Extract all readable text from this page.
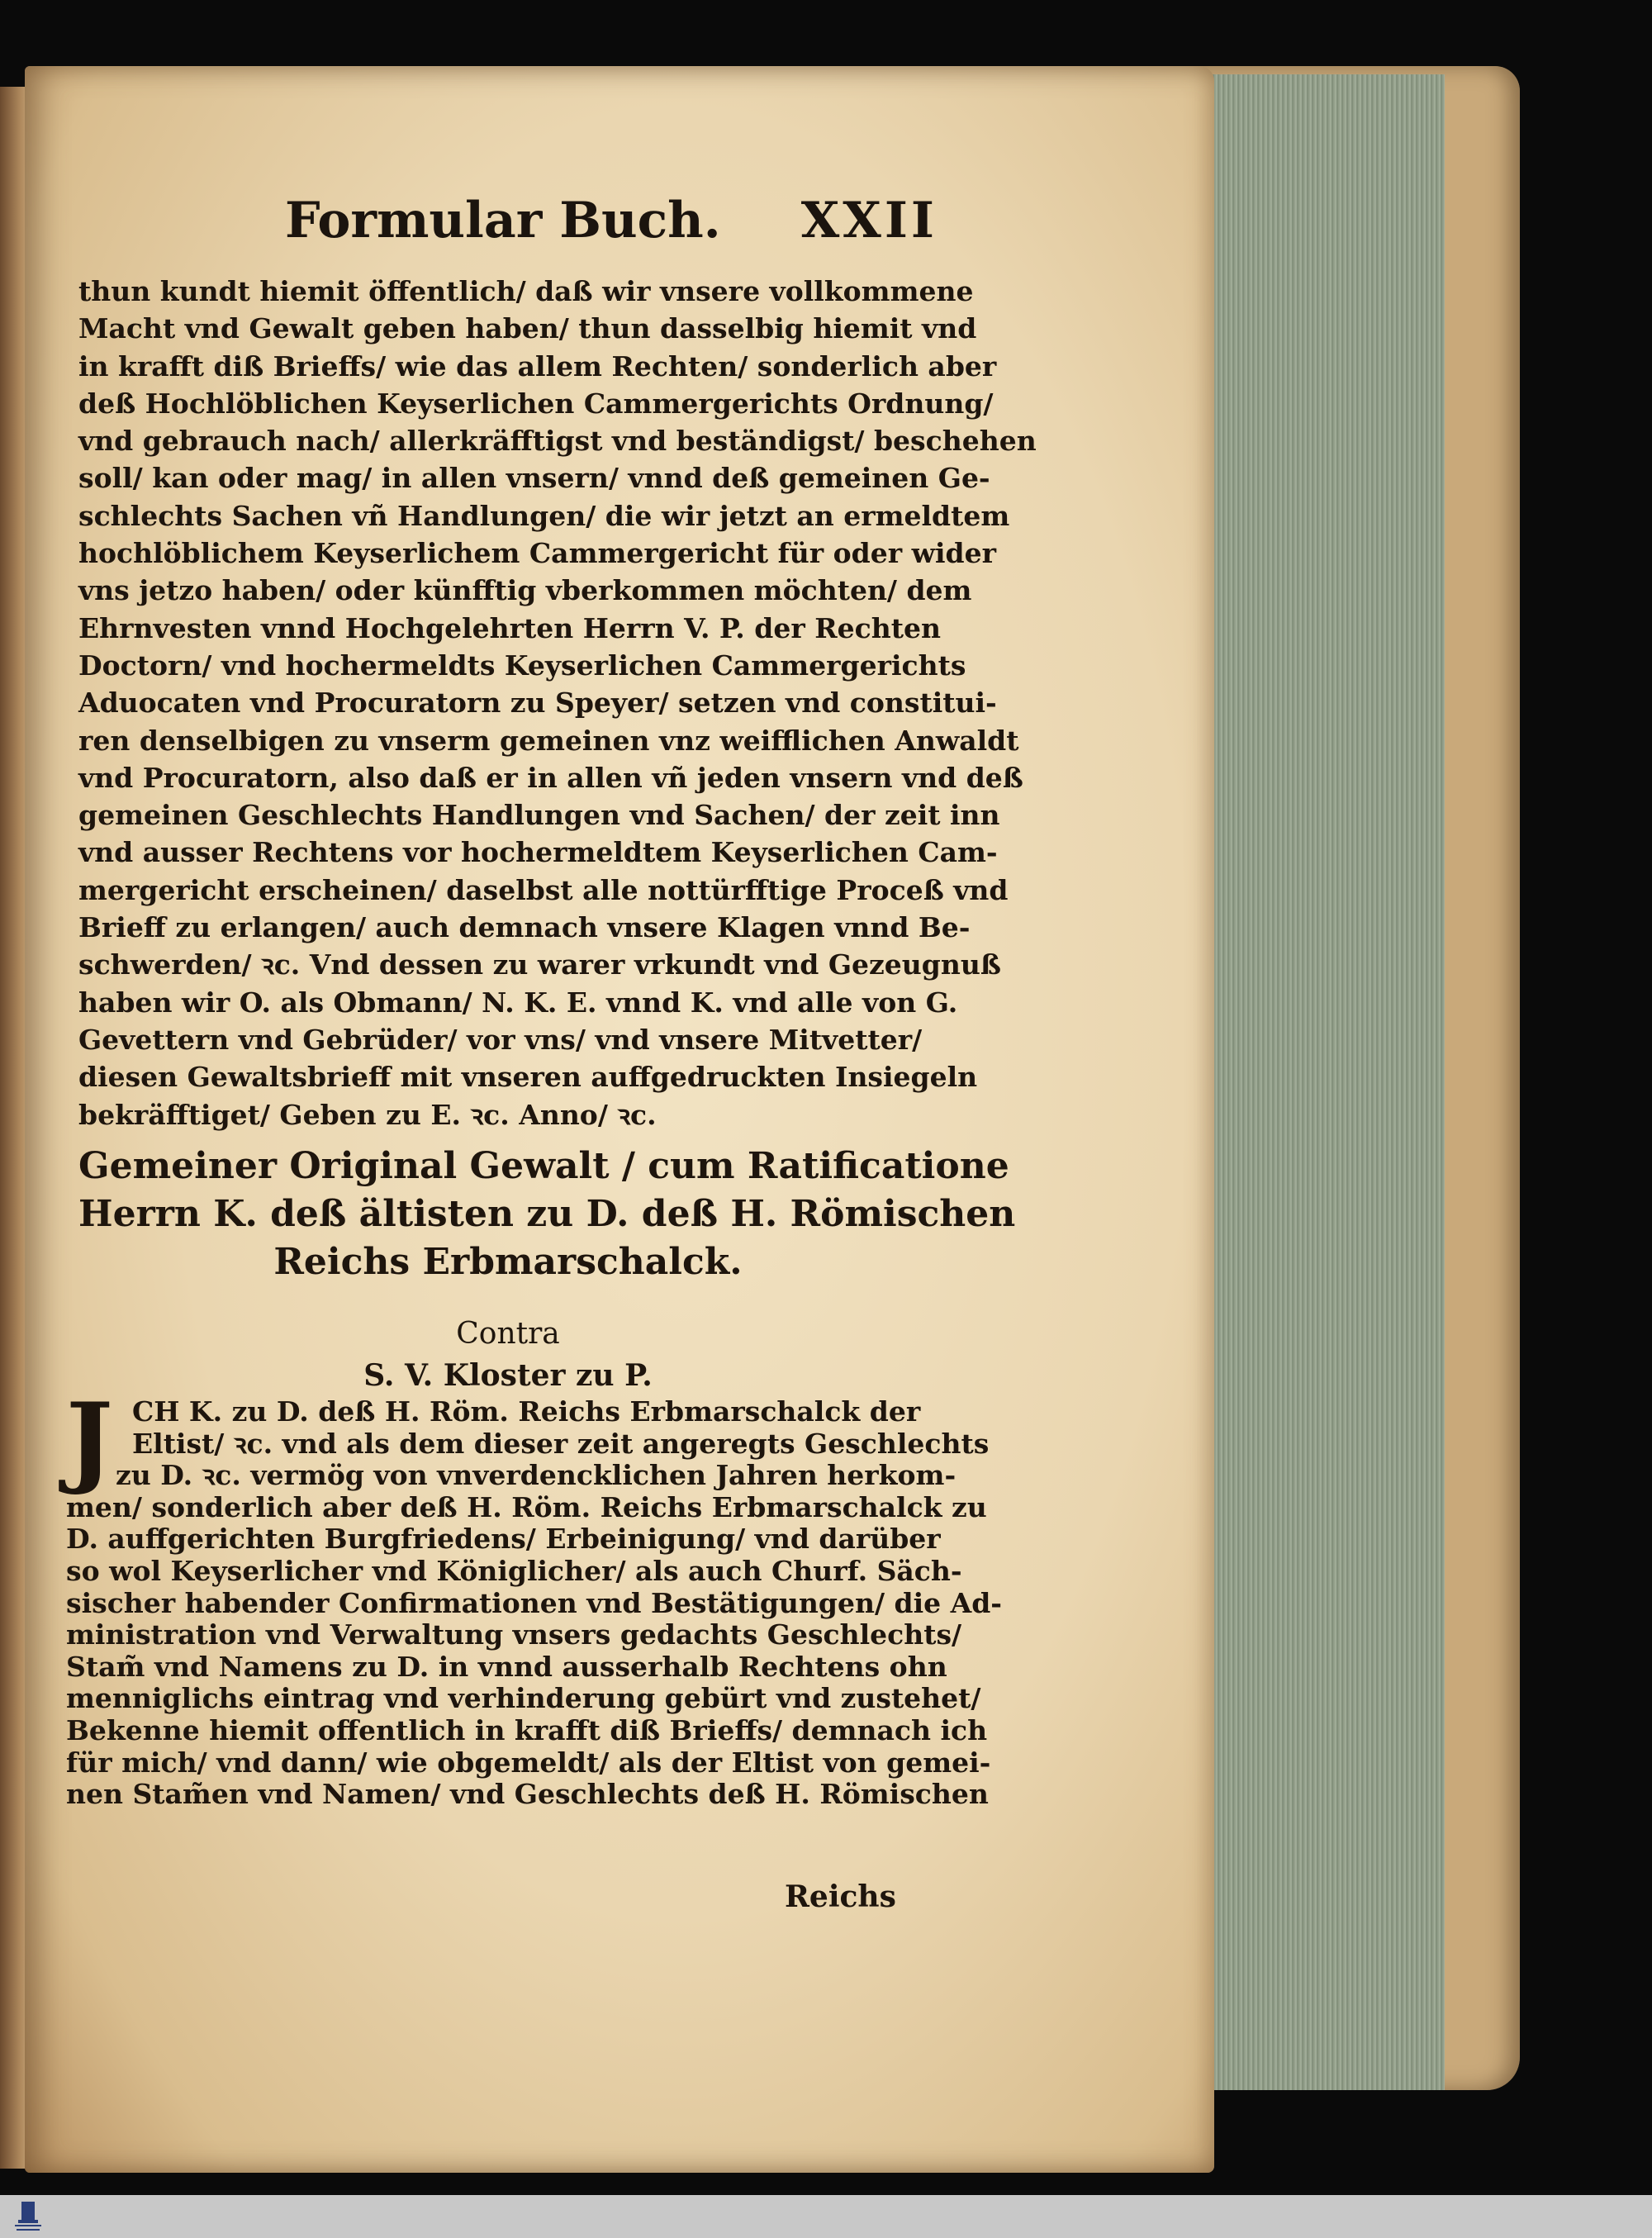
Formular Buch. XXII
thun kundt hiemit öffentlich/ daß wir vnsere vollkommene
Macht vnd Gewalt geben haben/ thun dasselbig hiemit vnd
in krafft diß Brieffs/ wie das allem Rechten/ sonderlich aber
deß Hochlöblichen Keyserlichen Cammergerichts Ordnung/
vnd gebrauch nach/ allerkräfftigst vnd beständigst/ beschehen
soll/ kan oder mag/ in allen vnsern/ vnnd deß gemeinen Ge-
schlechts Sachen vñ Handlungen/ die wir jetzt an ermeldtem
hochlöblichem Keyserlichem Cammergericht für oder wider
vns jetzo haben/ oder künfftig vberkommen möchten/ dem
Ehrnvesten vnnd Hochgelehrten Herrn V. P. der Rechten
Doctorn/ vnd hochermeldts Keyserlichen Cammergerichts
Aduocaten vnd Procuratorn zu Speyer/ setzen vnd constitui-
ren denselbigen zu vnserm gemeinen vnz weifflichen Anwaldt
vnd Procuratorn, also daß er in allen vñ jeden vnsern vnd deß
gemeinen Geschlechts Handlungen vnd Sachen/ der zeit inn
vnd ausser Rechtens vor hochermeldtem Keyserlichen Cam-
mergericht erscheinen/ daselbst alle nottürfftige Proceß vnd
Brieff zu erlangen/ auch demnach vnsere Klagen vnnd Be-
schwerden/ ꝛc. Vnd dessen zu warer vrkundt vnd Gezeugnuß
haben wir O. als Obmann/ N. K. E. vnnd K. vnd alle von G.
Gevettern vnd Gebrüder/ vor vns/ vnd vnsere Mitvetter/
diesen Gewaltsbrieff mit vnseren auffgedruckten Insiegeln
bekräfftiget/ Geben zu E. ꝛc. Anno/ ꝛc.
Gemeiner Original Gewalt / cum Ratificatione
Herrn K. deß ältisten zu D. deß H. Römischen
Reichs Erbmarschalck.
Contra
S. V. Kloster zu P.
J CH K. zu D. deß H. Röm. Reichs Erbmarschalck der
Eltist/ ꝛc. vnd als dem dieser zeit angeregts Geschlechts
zu D. ꝛc. vermög von vnverdencklichen Jahren herkom-
men/ sonderlich aber deß H. Röm. Reichs Erbmarschalck zu
D. auffgerichten Burgfriedens/ Erbeinigung/ vnd darüber
so wol Keyserlicher vnd Königlicher/ als auch Churf. Säch-
sischer habender Confirmationen vnd Bestätigungen/ die Ad-
ministration vnd Verwaltung vnsers gedachts Geschlechts/
Stam̃ vnd Namens zu D. in vnnd ausserhalb Rechtens ohn
menniglichs eintrag vnd verhinderung gebürt vnd zustehet/
Bekenne hiemit offentlich in krafft diß Brieffs/ demnach ich
für mich/ vnd dann/ wie obgemeldt/ als der Eltist von gemei-
nen Stam̃en vnd Namen/ vnd Geschlechts deß H. Römischen
Reichs
